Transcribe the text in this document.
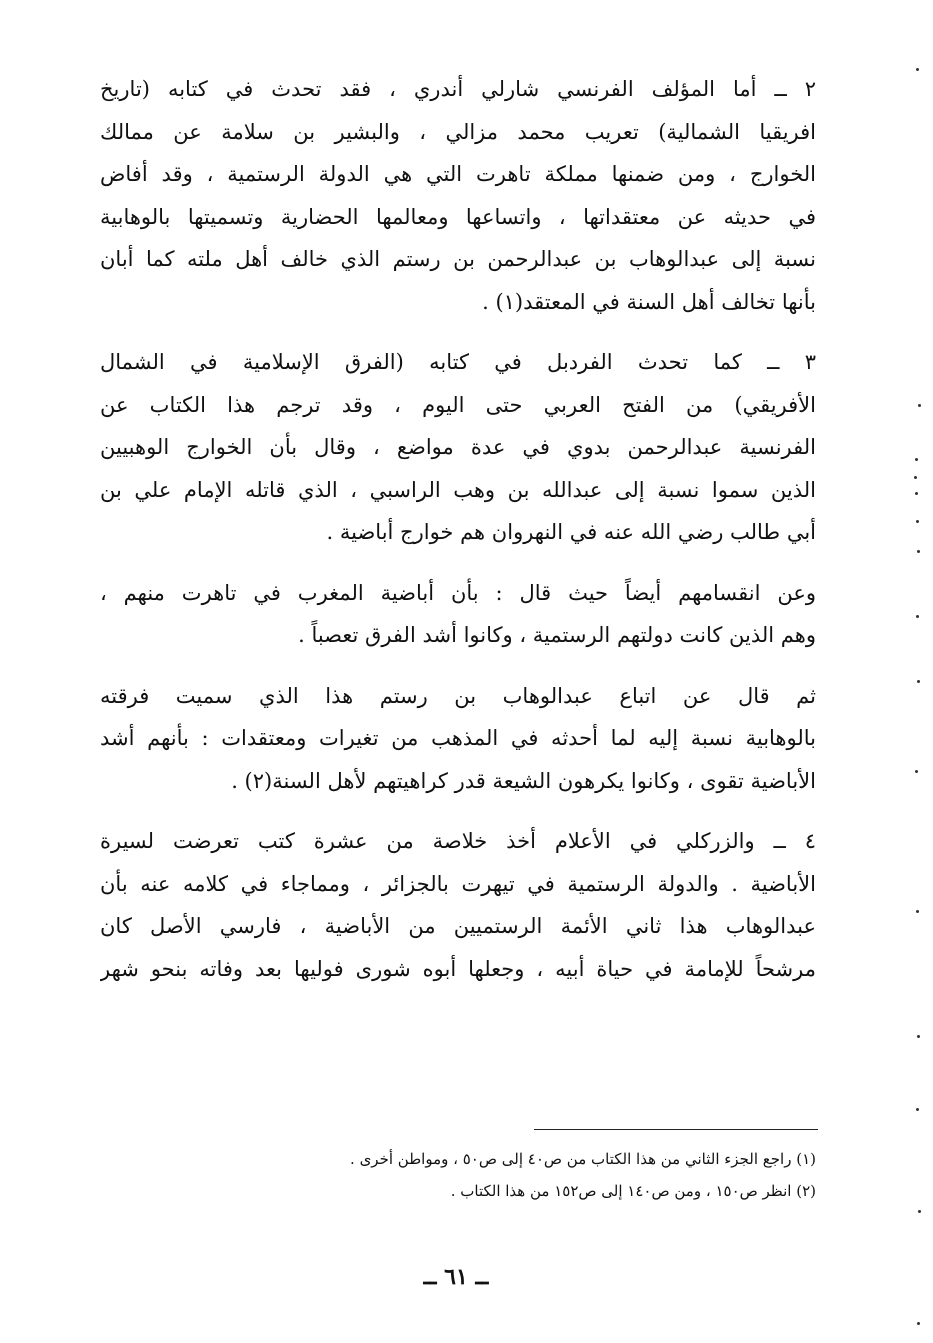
٢ ــ أما المؤلف الفرنسي شارلي أندري ، فقد تحدث في كتابه (تاريخ
افريقيا الشمالية) تعريب محمد مزالي ، والبشير بن سلامة عن ممالك
الخوارج ، ومن ضمنها مملكة تاهرت التي هي الدولة الرستمية ، وقد أفاض
في حديثه عن معتقداتها ، واتساعها ومعالمها الحضارية وتسميتها بالوهابية
نسبة إلى عبدالوهاب بن عبدالرحمن بن رستم الذي خالف أهل ملته كما أبان
بأنها تخالف أهل السنة في المعتقد(١) .
٣ ــ كما تحدث الفردبل في كتابه (الفرق الإسلامية في الشمال
الأفريقي) من الفتح العربي حتى اليوم ، وقد ترجم هذا الكتاب عن
الفرنسية عبدالرحمن بدوي في عدة مواضع ، وقال بأن الخوارج الوهبيين
الذين سموا نسبة إلى عبدالله بن وهب الراسبي ، الذي قاتله الإمام علي بن
أبي طالب رضي الله عنه في النهروان هم خوارج أباضية .
وعن انقسامهم أيضاً حيث قال : بأن أباضية المغرب في تاهرت منهم ،
وهم الذين كانت دولتهم الرستمية ، وكانوا أشد الفرق تعصباً .
ثم قال عن اتباع عبدالوهاب بن رستم هذا الذي سميت فرقته
بالوهابية نسبة إليه لما أحدثه في المذهب من تغيرات ومعتقدات : بأنهم أشد
الأباضية تقوى ، وكانوا يكرهون الشيعة قدر كراهيتهم لأهل السنة(٢) .
٤ ــ والزركلي في الأعلام أخذ خلاصة من عشرة كتب تعرضت لسيرة
الأباضية . والدولة الرستمية في تيهرت بالجزائر ، ومماجاء في كلامه عنه بأن
عبدالوهاب هذا ثاني الأئمة الرستميين من الأباضية ، فارسي الأصل كان
مرشحاً للإمامة في حياة أبيه ، وجعلها أبوه شورى فوليها بعد وفاته بنحو شهر
(١) راجع الجزء الثاني من هذا الكتاب من ص٤٠ إلى ص٥٠ ، ومواطن أخرى .
(٢) انظر ص١٥٠ ، ومن ص١٤٠ إلى ص١٥٢ من هذا الكتاب .
ــ ٦١ ــ
